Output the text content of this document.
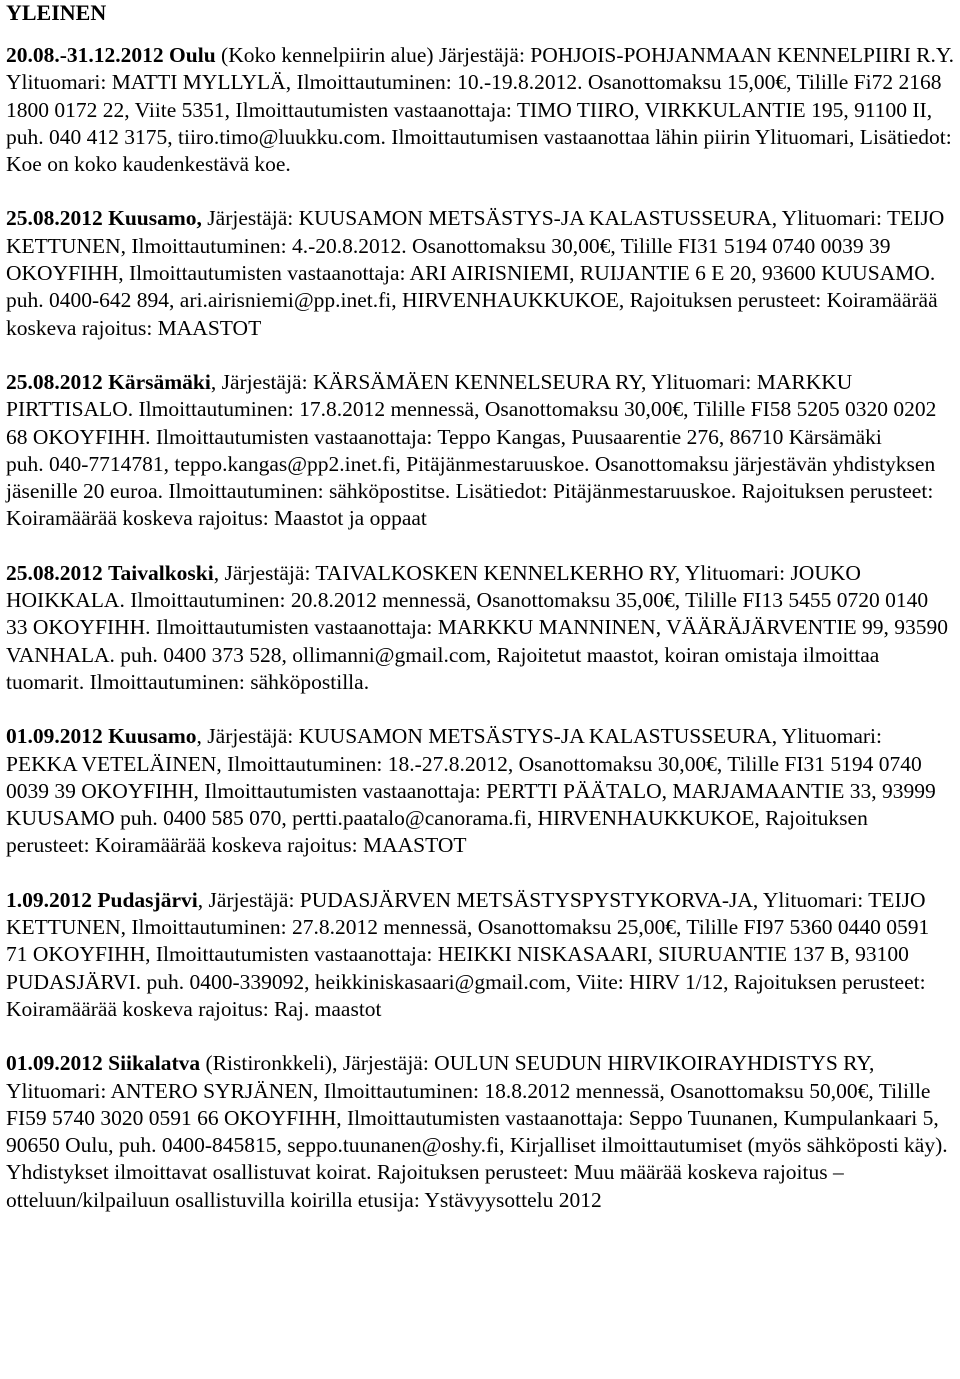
YLEINEN
20.08.-31.12.2012 Oulu (Koko kennelpiirin alue) Järjestäjä: POHJOIS-POHJANMAAN KENNELPIIRI R.Y. Ylituomari: MATTI MYLLYLÄ, Ilmoittautuminen: 10.-19.8.2012. Osanottomaksu 15,00€, Tilille Fi72 2168 1800 0172 22, Viite 5351, Ilmoittautumisten vastaanottaja: TIMO TIIRO, VIRKKULANTIE 195, 91100 II, puh. 040 412 3175, tiiro.timo@luukku.com. Ilmoittautumisen vastaanottaa lähin piirin Ylituomari, Lisätiedot: Koe on koko kaudenkestävä koe.
25.08.2012 Kuusamo, Järjestäjä: KUUSAMON METSÄSTYS-JA KALASTUSSEURA, Ylituomari: TEIJO KETTUNEN, Ilmoittautuminen: 4.-20.8.2012. Osanottomaksu 30,00€, Tilille FI31 5194 0740 0039 39 OKOYFIHH, Ilmoittautumisten vastaanottaja: ARI AIRISNIEMI, RUIJANTIE 6 E 20, 93600 KUUSAMO. puh. 0400-642 894, ari.airisniemi@pp.inet.fi, HIRVENHAUKKUKOE, Rajoituksen perusteet: Koiramäärää koskeva rajoitus: MAASTOT
25.08.2012 Kärsämäki, Järjestäjä: KÄRSÄMÄEN KENNELSEURA RY, Ylituomari: MARKKU PIRTTISALO. Ilmoittautuminen: 17.8.2012 mennessä, Osanottomaksu 30,00€, Tilille FI58 5205 0320 0202 68 OKOYFIHH. Ilmoittautumisten vastaanottaja: Teppo Kangas, Puusaarentie 276, 86710 Kärsämäki
puh. 040-7714781, teppo.kangas@pp2.inet.fi, Pitäjänmestaruuskoe. Osanottomaksu järjestävän yhdistyksen jäsenille 20 euroa. Ilmoittautuminen: sähköpostitse. Lisätiedot: Pitäjänmestaruuskoe. Rajoituksen perusteet: Koiramäärää koskeva rajoitus: Maastot ja oppaat
25.08.2012 Taivalkoski, Järjestäjä: TAIVALKOSKEN KENNELKERHO RY, Ylituomari: JOUKO HOIKKALA. Ilmoittautuminen: 20.8.2012 mennessä, Osanottomaksu 35,00€, Tilille FI13 5455 0720 0140 33 OKOYFIHH. Ilmoittautumisten vastaanottaja: MARKKU MANNINEN, VÄÄRÄJÄRVENTIE 99, 93590 VANHALA. puh. 0400 373 528, ollimanni@gmail.com, Rajoitetut maastot, koiran omistaja ilmoittaa tuomarit. Ilmoittautuminen: sähköpostilla.
01.09.2012 Kuusamo, Järjestäjä: KUUSAMON METSÄSTYS-JA KALASTUSSEURA, Ylituomari: PEKKA VETELÄINEN, Ilmoittautuminen: 18.-27.8.2012, Osanottomaksu 30,00€, Tilille FI31 5194 0740 0039 39 OKOYFIHH, Ilmoittautumisten vastaanottaja: PERTTI PÄÄTALO, MARJAMAANTIE 33, 93999 KUUSAMO puh. 0400 585 070, pertti.paatalo@canorama.fi, HIRVENHAUKKUKOE, Rajoituksen perusteet: Koiramäärää koskeva rajoitus: MAASTOT
1.09.2012 Pudasjärvi, Järjestäjä: PUDASJÄRVEN METSÄSTYSPYSTYKORVA-JA, Ylituomari: TEIJO KETTUNEN, Ilmoittautuminen: 27.8.2012 mennessä, Osanottomaksu 25,00€, Tilille FI97 5360 0440 0591 71 OKOYFIHH, Ilmoittautumisten vastaanottaja: HEIKKI NISKASAARI, SIURUANTIE 137 B, 93100 PUDASJÄRVI. puh. 0400-339092, heikkiniskasaari@gmail.com, Viite: HIRV 1/12, Rajoituksen perusteet: Koiramäärää koskeva rajoitus: Raj. maastot
01.09.2012 Siikalatva (Ristironkkeli), Järjestäjä: OULUN SEUDUN HIRVIKOIRAYHDISTYS RY, Ylituomari: ANTERO SYRJÄNEN, Ilmoittautuminen: 18.8.2012 mennessä, Osanottomaksu 50,00€, Tilille FI59 5740 3020 0591 66 OKOYFIHH, Ilmoittautumisten vastaanottaja: Seppo Tuunanen, Kumpulankaari 5, 90650 Oulu, puh. 0400-845815, seppo.tuunanen@oshy.fi, Kirjalliset ilmoittautumiset (myös sähköposti käy). Yhdistykset ilmoittavat osallistuvat koirat. Rajoituksen perusteet: Muu määrää koskeva rajoitus – otteluun/kilpailuun osallistuvilla koirilla etusija: Ystävyysottelu 2012
